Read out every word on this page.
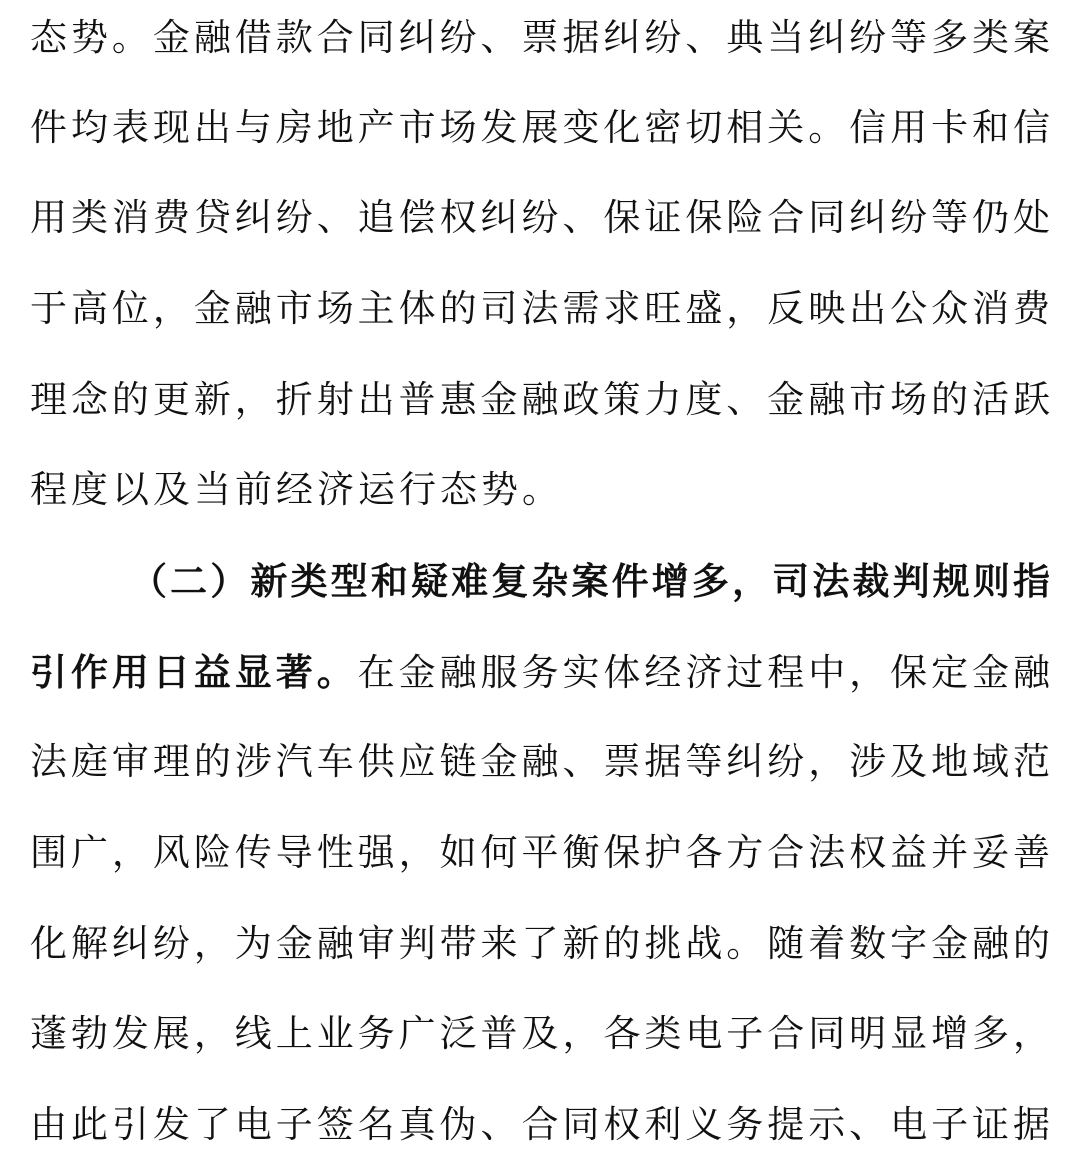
态势。金融借款合同纠纷、票据纠纷、典当纠纷等多类案
件均表现出与房地产市场发展变化密切相关。信用卡和信
用类消费贷纠纷、追偿权纠纷、保证保险合同纠纷等仍处
于高位，金融市场主体的司法需求旺盛，反映出公众消费
理念的更新，折射出普惠金融政策力度、金融市场的活跃
程度以及当前经济运行态势。
（二）新类型和疑难复杂案件增多，司法裁判规则指
引作用日益显著。在金融服务实体经济过程中，保定金融
法庭审理的涉汽车供应链金融、票据等纠纷，涉及地域范
围广，风险传导性强，如何平衡保护各方合法权益并妥善
化解纠纷，为金融审判带来了新的挑战。随着数字金融的
蓬勃发展，线上业务广泛普及，各类电子合同明显增多，
由此引发了电子签名真伪、合同权利义务提示、电子证据
